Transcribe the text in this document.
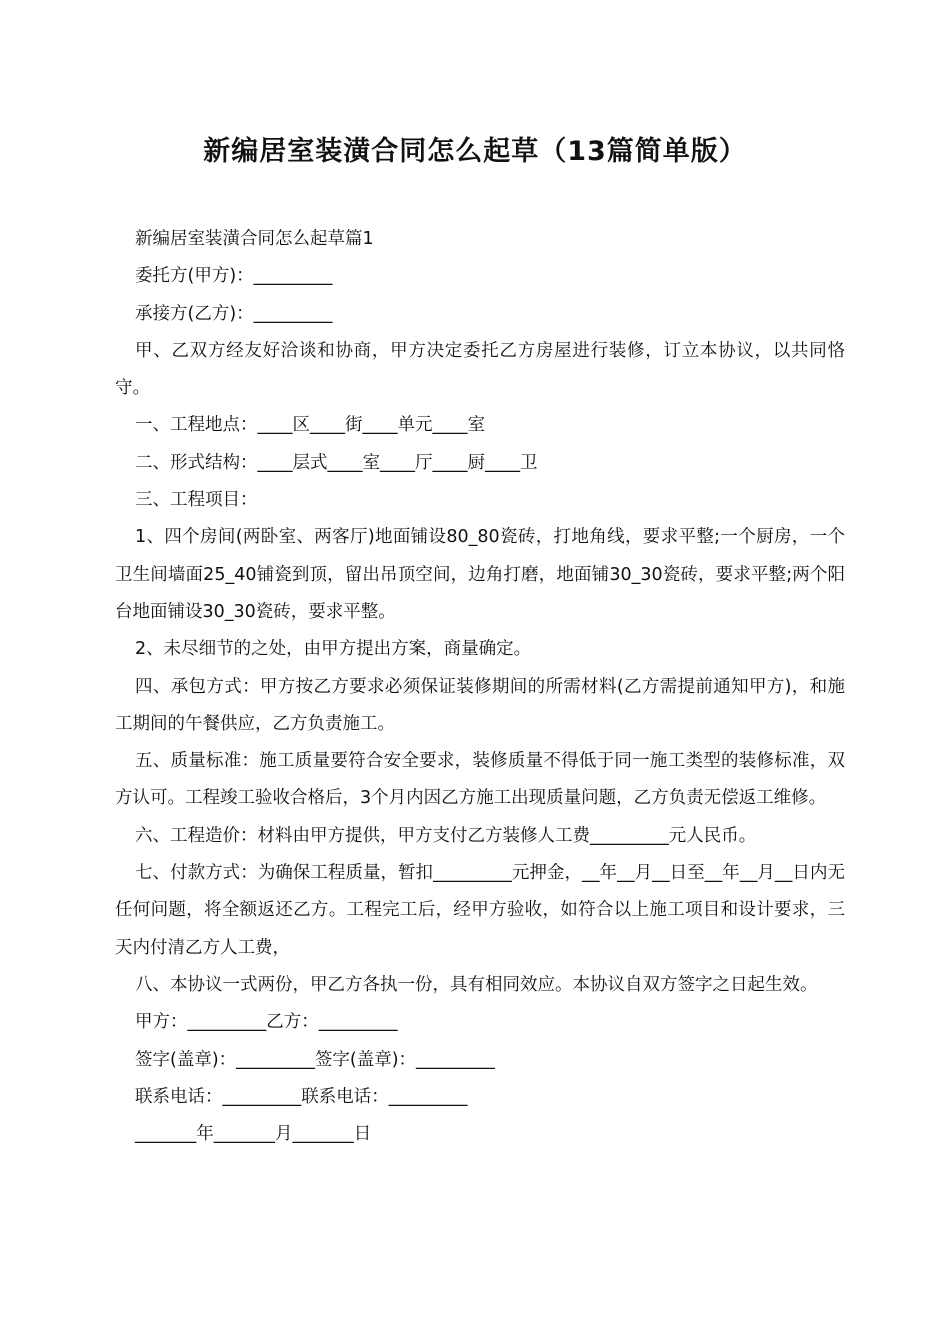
新编居室装潢合同怎么起草（13篇简单版）

新编居室装潢合同怎么起草篇1

委托方(甲方)：_________

承接方(乙方)：_________

甲、乙双方经友好洽谈和协商，甲方决定委托乙方房屋进行装修，订立本协议，以共同恪守。

一、工程地点：____区____街____单元____室

二、形式结构：____层式____室____厅____厨____卫

三、工程项目：

1、四个房间(两卧室、两客厅)地面铺设80_80瓷砖，打地角线，要求平整;一个厨房，一个卫生间墙面25_40铺瓷到顶，留出吊顶空间，边角打磨，地面铺30_30瓷砖，要求平整;两个阳台地面铺设30_30瓷砖，要求平整。

2、未尽细节的之处，由甲方提出方案，商量确定。

四、承包方式：甲方按乙方要求必须保证装修期间的所需材料(乙方需提前通知甲方)，和施工期间的午餐供应，乙方负责施工。

五、质量标准：施工质量要符合安全要求，装修质量不得低于同一施工类型的装修标准，双方认可。工程竣工验收合格后，3个月内因乙方施工出现质量问题，乙方负责无偿返工维修。

六、工程造价：材料由甲方提供，甲方支付乙方装修人工费_________元人民币。

七、付款方式：为确保工程质量，暂扣_________元押金，__年__月__日至__年__月__日内无任何问题，将全额返还乙方。工程完工后，经甲方验收，如符合以上施工项目和设计要求，三天内付清乙方人工费，

八、本协议一式两份，甲乙方各执一份，具有相同效应。本协议自双方签字之日起生效。

甲方：_________乙方：_________

签字(盖章)：_________签字(盖章)：_________

联系电话：_________联系电话：_________

_______年_______月_______日
